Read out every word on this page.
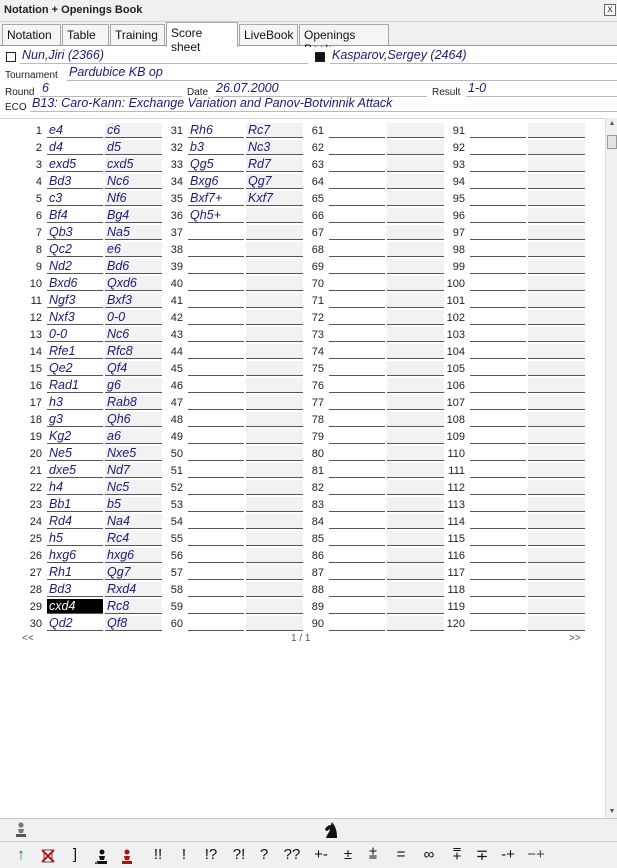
Notation + Openings Book	x
Notation	Table	Training	Score sheet
LiveBook Openings
Nun,Jiri (2366)	Kasparov,Sergey (2464)
Tournament Pardubice KB op
Round 6	Date 26.07.2000	Result 1-0
ECO B13: Caro-Kann: Exchange Variation and Panov-Botvinnik Attack
1 e4	c6
2 d4	d5
3 exd5	cxd5
4 Bd3	Nc6
5 c3	Nf6
6 Bf4	Bg4
7 Qb3	Na5
8 Qc2	e6
9 Nd2	Bd6
10 Bxd6	Qxd6
11 Ngf3	Bxf3
12 Nxf3	0-0
13 0-0	Nc6
14 Rfe1	Rfc8
15 Qe2	Qf4
16 Rad1	g6
17 h3	Rab8
18 g3	Qh6
19 Kg2	a6
20 Ne5	Nxe5
21 dxe5	Nd7
22 h4	Nc5
23 Bb1	b5
24 Rd4	Na4
25 h5	Rc4
26 hxg6	hxg6
27 Rh1	Qg7
28 Bd3	Rxd4
29 cxd4	Rc8
30 Qd2	Qf8
31 Rh6	Rc7
32 b3	Nc3
33 Qg5	Rd7
34 Bxg6	Qg7
35 Bxf7+	Kxf7
36 Qh5+
37
38
39
40
41
42
43
44
45
46
47
48
49
50
51
52
53
54
55
56
57
58
59
60
61
62
63
64
65
66
67
68
69
70
71
72
73
74
75
76
77
78
79
80
81
82
83
84
85
86
87
88
89
90
91
92
93
94
95
96
97
98
99
100
101
102
103
104
105
106
107
108
109
110
111
112
113
114
115
116
117
118
119
120
<<	1 / 1	>>
▲
▼
↑	]	!!	!	!?	?! ? ?? +-	±	⩲	=	∞	⩱ ∓ -+ −+
